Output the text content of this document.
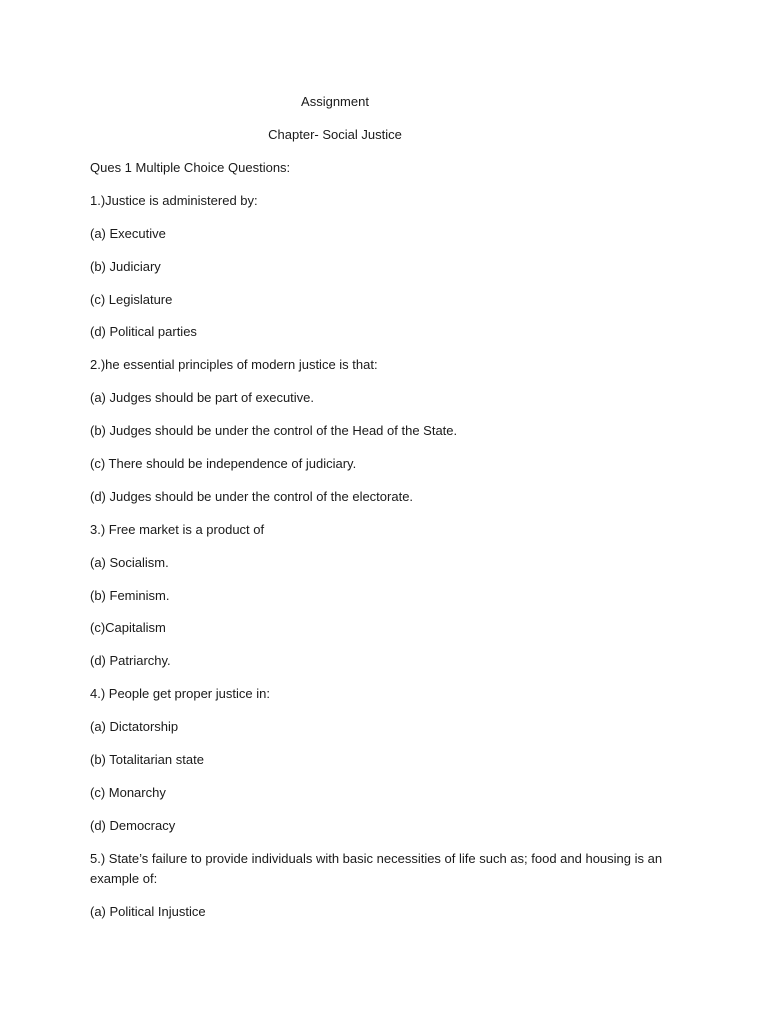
Assignment
Chapter- Social Justice
Ques 1 Multiple Choice Questions:
1.)Justice is administered by:
(a) Executive
(b) Judiciary
(c) Legislature
(d) Political parties
2.)he essential principles of modern justice is that:
(a) Judges should be part of executive.
(b) Judges should be under the control of the Head of the State.
(c) There should be independence of judiciary.
(d) Judges should be under the control of the electorate.
3.) Free market is a product of
(a) Socialism.
(b) Feminism.
(c)Capitalism
(d) Patriarchy.
4.) People get proper justice in:
(a) Dictatorship
(b) Totalitarian state
(c) Monarchy
(d) Democracy
5.) State’s failure to provide individuals with basic necessities of life such as; food and housing is an example of:
(a) Political Injustice
